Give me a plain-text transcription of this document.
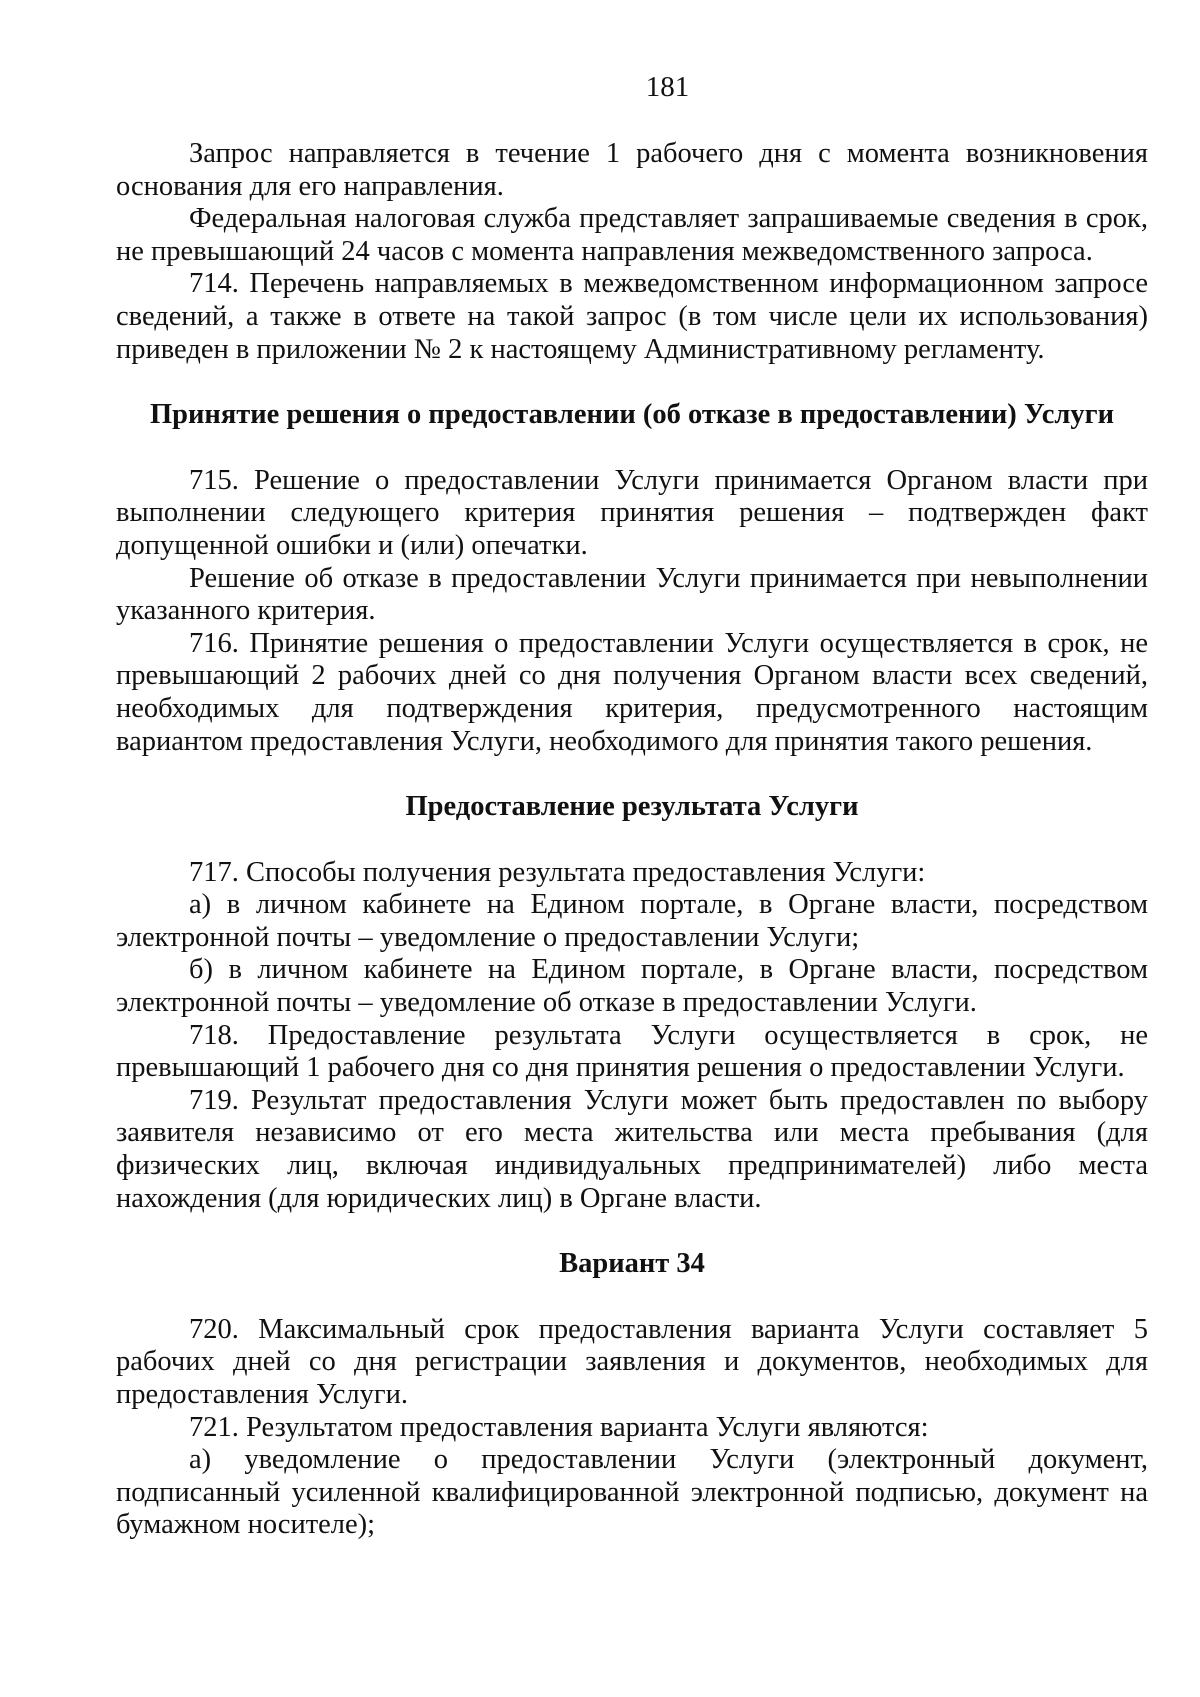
181

Запрос направляется в течение 1 рабочего дня с момента возникновения основания для его направления.

Федеральная налоговая служба представляет запрашиваемые сведения в срок, не превышающий 24 часов с момента направления межведомственного запроса.

714. Перечень направляемых в межведомственном информационном запросе сведений, а также в ответе на такой запрос (в том числе цели их использования) приведен в приложении № 2 к настоящему Административному регламенту.

Принятие решения о предоставлении (об отказе в предоставлении) Услуги

715. Решение о предоставлении Услуги принимается Органом власти при выполнении следующего критерия принятия решения – подтвержден факт допущенной ошибки и (или) опечатки.

Решение об отказе в предоставлении Услуги принимается при невыполнении указанного критерия.

716. Принятие решения о предоставлении Услуги осуществляется в срок, не превышающий 2 рабочих дней со дня получения Органом власти всех сведений, необходимых для подтверждения критерия, предусмотренного настоящим вариантом предоставления Услуги, необходимого для принятия такого решения.

Предоставление результата Услуги

717. Способы получения результата предоставления Услуги:

а) в личном кабинете на Едином портале, в Органе власти, посредством электронной почты – уведомление о предоставлении Услуги;

б) в личном кабинете на Едином портале, в Органе власти, посредством электронной почты – уведомление об отказе в предоставлении Услуги.

718. Предоставление результата Услуги осуществляется в срок, не превышающий 1 рабочего дня со дня принятия решения о предоставлении Услуги.

719. Результат предоставления Услуги может быть предоставлен по выбору заявителя независимо от его места жительства или места пребывания (для физических лиц, включая индивидуальных предпринимателей) либо места нахождения (для юридических лиц) в Органе власти.

Вариант 34

720. Максимальный срок предоставления варианта Услуги составляет 5 рабочих дней со дня регистрации заявления и документов, необходимых для предоставления Услуги.

721. Результатом предоставления варианта Услуги являются:

а) уведомление о предоставлении Услуги (электронный документ, подписанный усиленной квалифицированной электронной подписью, документ на бумажном носителе);
